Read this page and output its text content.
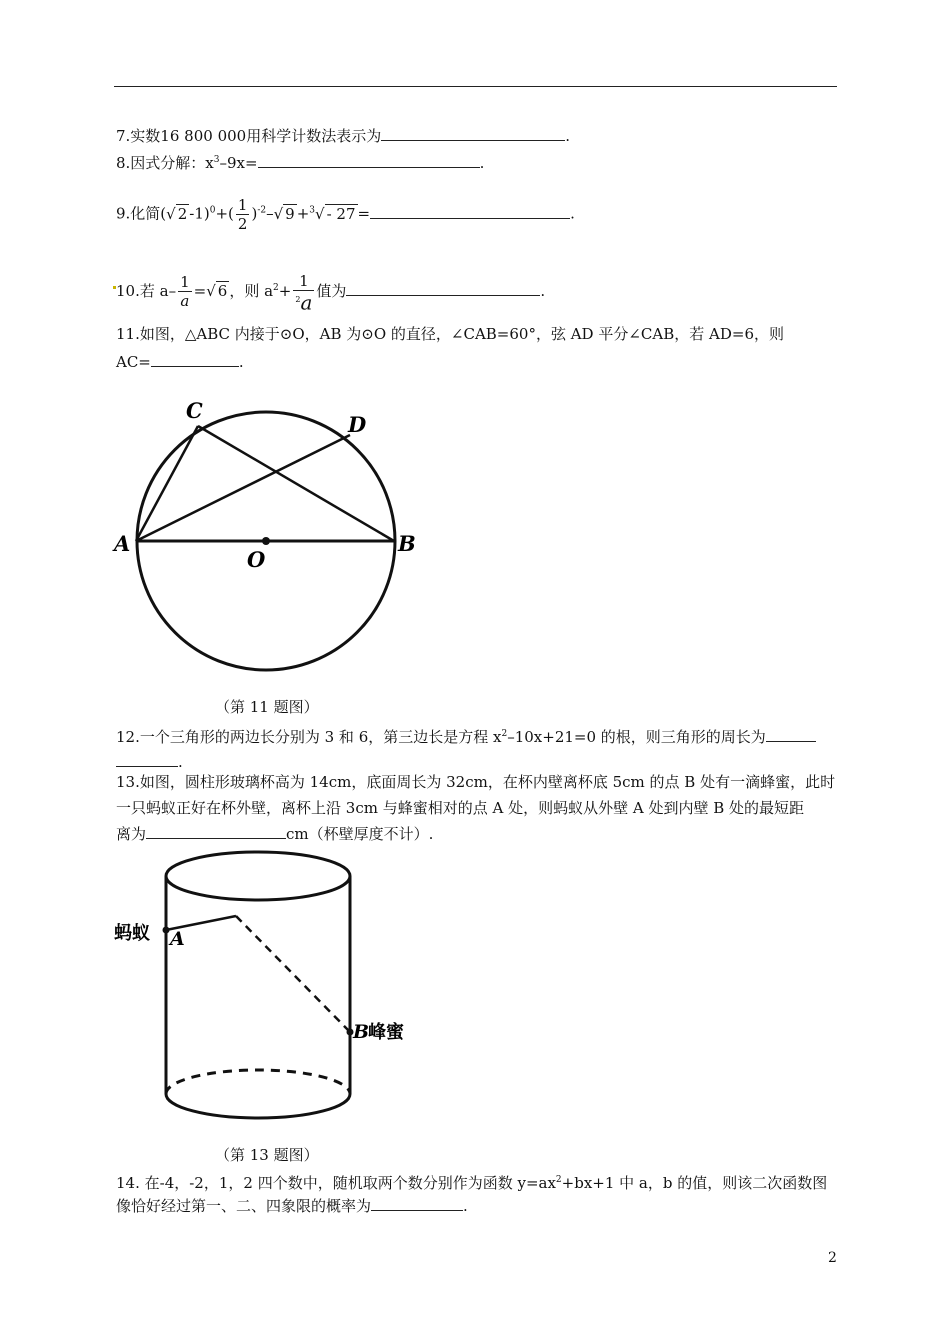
7.实数16 800 000用科学计数法表示为	.
8.因式分解：$x^3-9x=$	.
9.化简(√ 2 $-1)^0+( \frac{1}{2} )^{-2}-√$ 9 +$^3$√ - 27 =	.
10.若 $a- \frac{1}{a}$ =√ 6 ，则 $a^2+ \frac{1}{^2a}$ 值为	.
11.如图，△ABC 内接于⊙O，AB 为⊙O 的直径，∠CAB=60°，弦 AD 平分∠CAB，若 AD=6，则
AC=	.
C
D
A	B
O
（第 11 题图）
12.一个三角形的两边长分别为 3 和 6，第三边长是方程 $x^2-10x+21=0$ 的根，则三角形的周长为
.
13.如图，圆柱形玻璃杯高为 14cm，底面周长为 32cm，在杯内壁离杯底 5cm 的点 B 处有一滴蜂蜜，此时
一只蚂蚁正好在杯外壁，离杯上沿 3cm 与蜂蜜相对的点 A 处，则蚂蚁从外壁 A 处到内壁 B 处的最短距
离为	cm（杯壁厚度不计）.
蚂蚁 A
B
峰蜜
（第 13 题图）
14. 在-4，-2，1，2 四个数中，随机取两个数分别作为函数 $y=ax^2+bx+1$ 中 a，b 的值，则该二次函数图
像恰好经过第一、二、四象限的概率为	.
2
